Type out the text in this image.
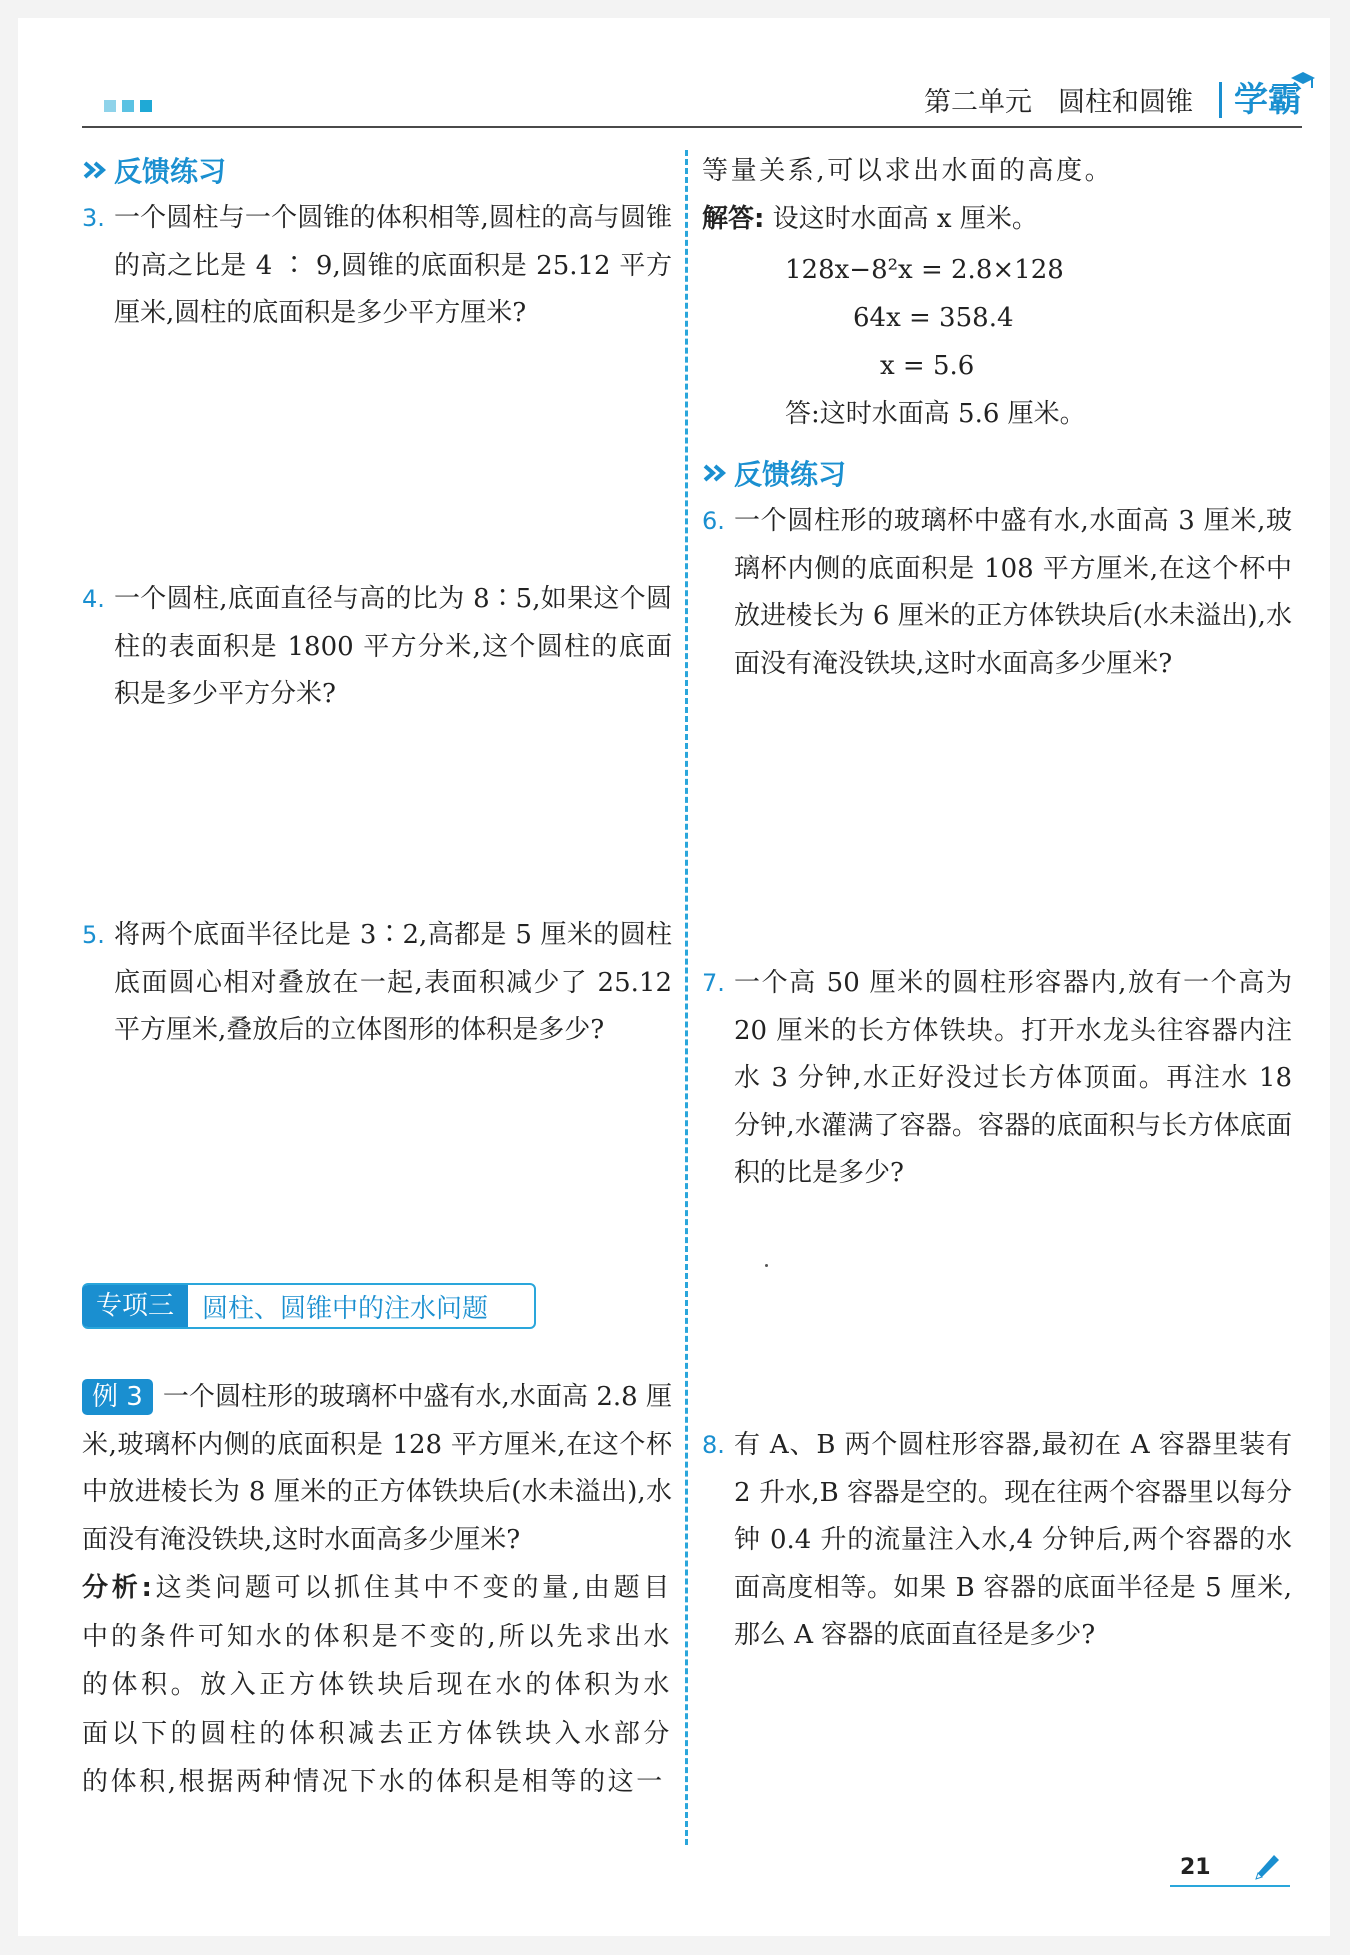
第二单元 圆柱和圆锥	学霸
反馈练习
3. 一个圆柱与一个圆锥的体积相等,圆柱的高与圆锥的高之比是 4 ∶ 9,圆锥的底面积是 25.12 平方厘米,圆柱的底面积是多少平方厘米?

4. 一个圆柱,底面直径与高的比为 8∶5,如果这个圆柱的表面积是 1800 平方分米,这个圆柱的底面积是多少平方分米?

5. 将两个底面半径比是 3∶2,高都是 5 厘米的圆柱底面圆心相对叠放在一起,表面积减少了 25.12 平方厘米,叠放后的立体图形的体积是多少?

专项三	圆柱、圆锥中的注水问题

例 3 一个圆柱形的玻璃杯中盛有水,水面高 2.8 厘米,玻璃杯内侧的底面积是 128 平方厘米,在这个杯中放进棱长为 8 厘米的正方体铁块后(水未溢出),水面没有淹没铁块,这时水面高多少厘米?

分析:这类问题可以抓住其中不变的量,由题目中的条件可知水的体积是不变的,所以先求出水的体积。放入正方体铁块后现在水的体积为水面以下的圆柱的体积减去正方体铁块入水部分的体积,根据两种情况下水的体积是相等的这一

等量关系,可以求出水面的高度。

解答: 设这时水面高 x 厘米。

128x−8²x = 2.8×128
64x = 358.4
x = 5.6
答:这时水面高 5.6 厘米。
反馈练习
6. 一个圆柱形的玻璃杯中盛有水,水面高 3 厘米,玻璃杯内侧的底面积是 108 平方厘米,在这个杯中放进棱长为 6 厘米的正方体铁块后(水未溢出),水面没有淹没铁块,这时水面高多少厘米?

7. 一个高 50 厘米的圆柱形容器内,放有一个高为 20 厘米的长方体铁块。打开水龙头往容器内注水 3 分钟,水正好没过长方体顶面。再注水 18 分钟,水灌满了容器。容器的底面积与长方体底面积的比是多少?

8. 有 A、B 两个圆柱形容器,最初在 A 容器里装有 2 升水,B 容器是空的。现在往两个容器里以每分钟 0.4 升的流量注入水,4 分钟后,两个容器的水面高度相等。如果 B 容器的底面半径是 5 厘米,那么 A 容器的底面直径是多少?

21
